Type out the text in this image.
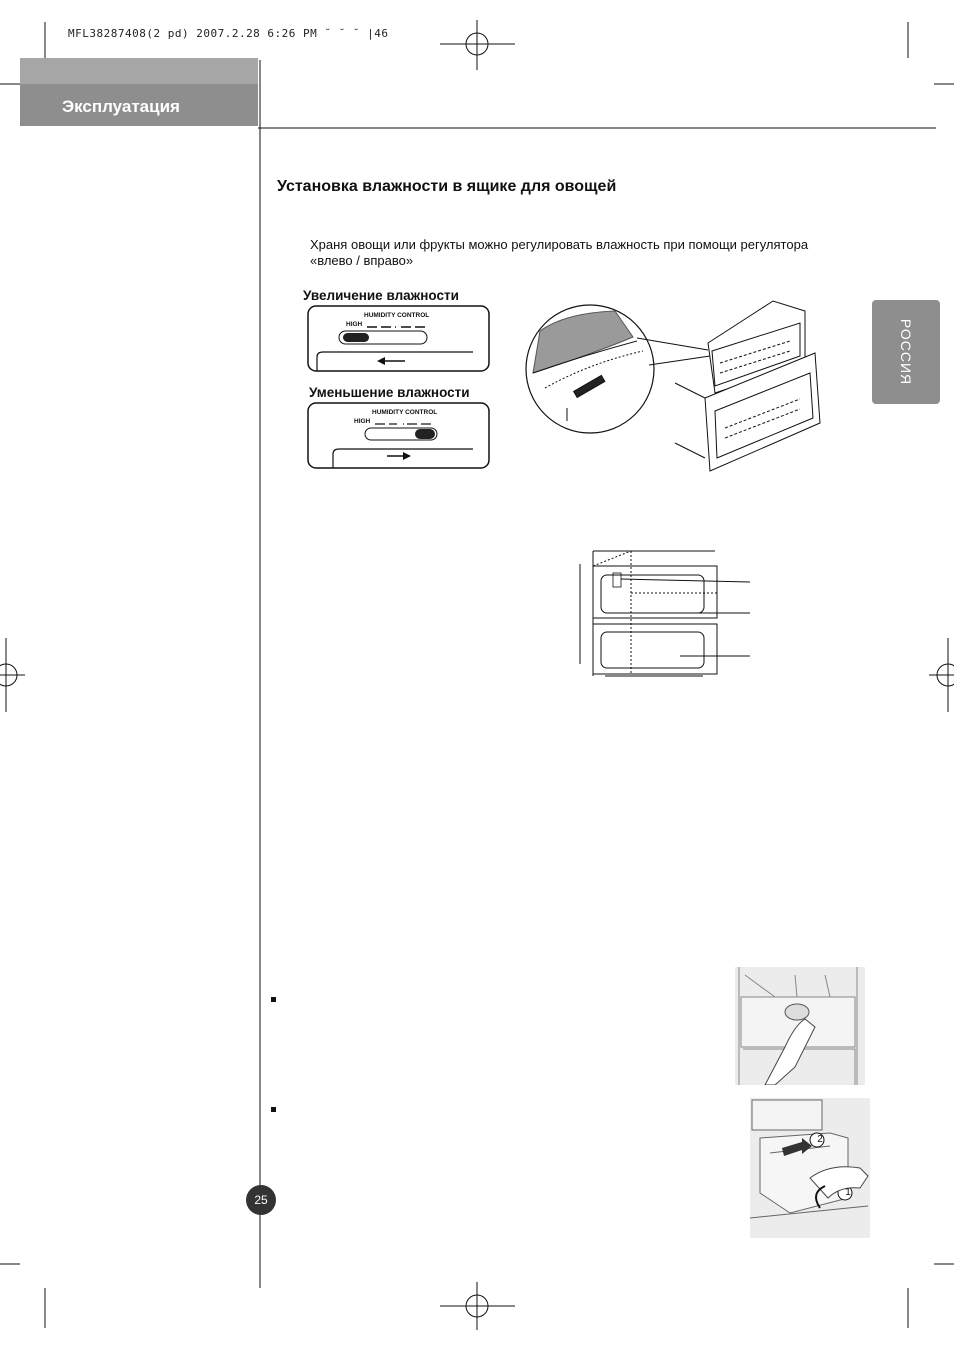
MFL38287408(2 pd) 2007.2.28 6:26 PM ˘ ˘ ˘ |46
Эксплуатация
РОССИЯ
Установка влажности в ящике для овощей
Храня овощи или фрукты можно регулировать влажность при помощи регулятора
«влево / вправо»
Увеличение влажности
HUMIDITY CONTROL
HIGH
Уменьшение влажности
HUMIDITY CONTROL
HIGH
2
1
25
